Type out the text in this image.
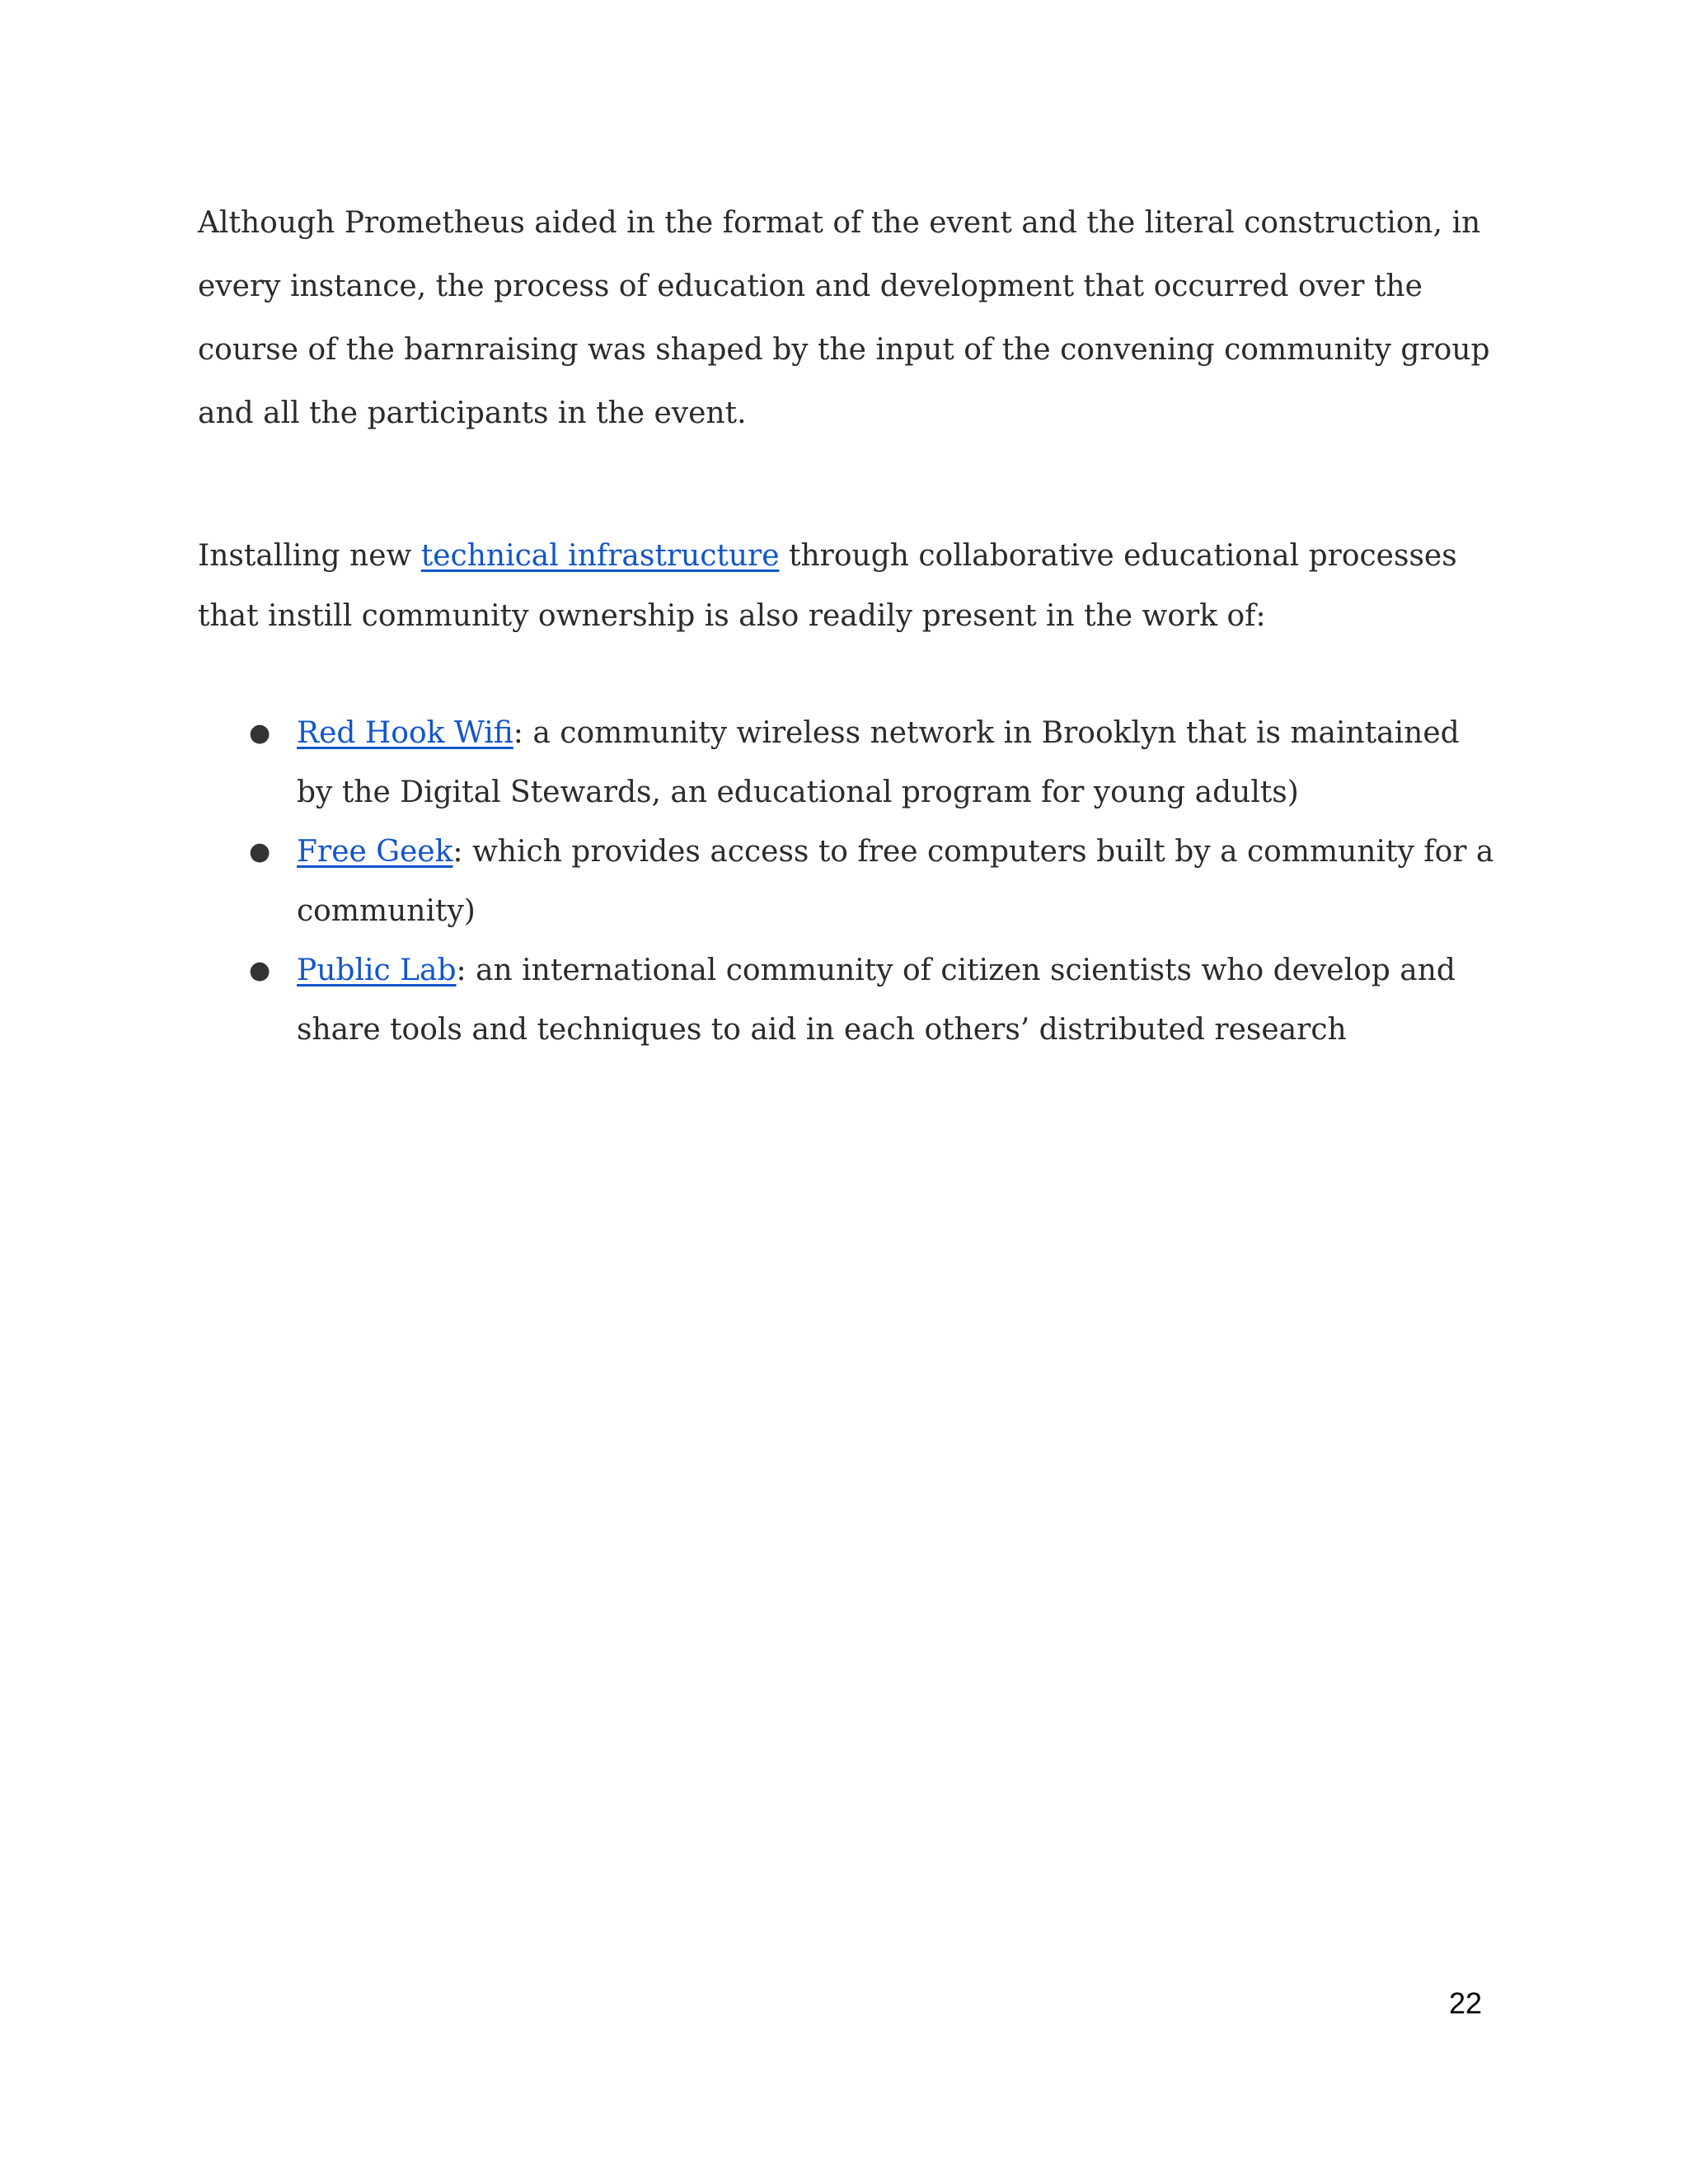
Although Prometheus aided in the format of the event and the literal construction, in every instance, the process of education and development that occurred over the course of the barnraising was shaped by the input of the convening community group and all the participants in the event.

Installing new technical infrastructure through collaborative educational processes that instill community ownership is also readily present in the work of:

● Red Hook Wifi: a community wireless network in Brooklyn that is maintained by the Digital Stewards, an educational program for young adults)
● Free Geek: which provides access to free computers built by a community for a community)
● Public Lab: an international community of citizen scientists who develop and share tools and techniques to aid in each others’ distributed research
22
